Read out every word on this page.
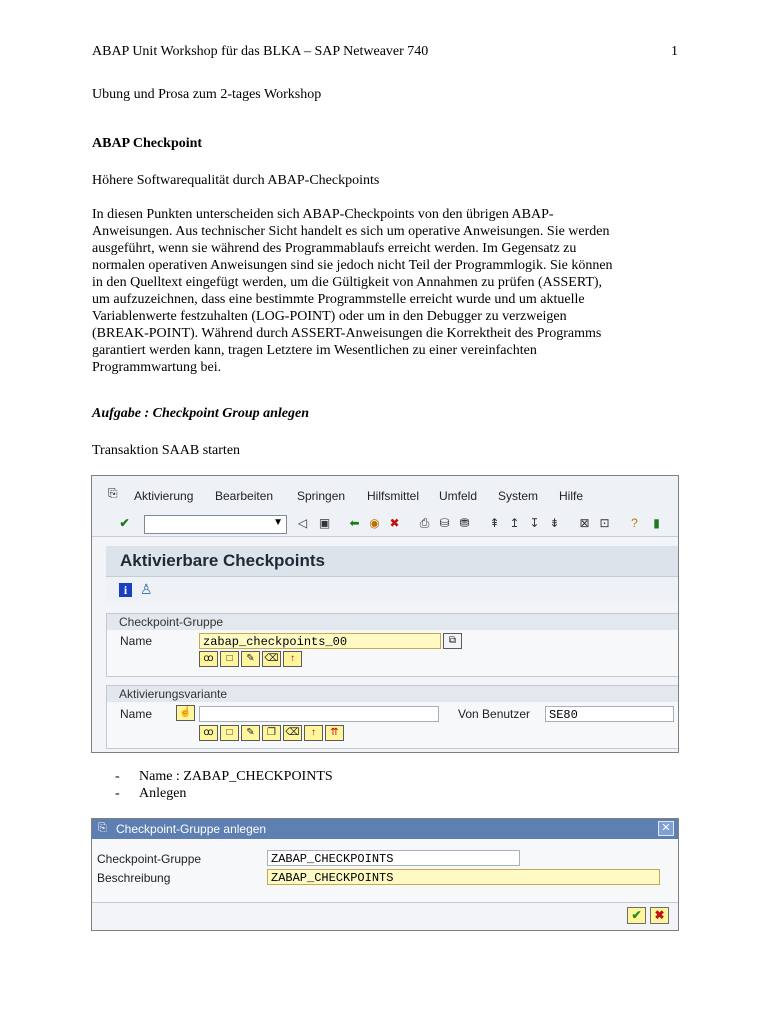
ABAP Unit Workshop für das BLKA – SAP Netweaver 740	1
Ubung und Prosa zum 2-tages Workshop
ABAP Checkpoint
Höhere Softwarequalität durch ABAP-Checkpoints
In diesen Punkten unterscheiden sich ABAP-Checkpoints von den übrigen ABAP-
Anweisungen. Aus technischer Sicht handelt es sich um operative Anweisungen. Sie werden
ausgeführt, wenn sie während des Programmablaufs erreicht werden. Im Gegensatz zu
normalen operativen Anweisungen sind sie jedoch nicht Teil der Programmlogik. Sie können
in den Quelltext eingefügt werden, um die Gültigkeit von Annahmen zu prüfen (ASSERT),
um aufzuzeichnen, dass eine bestimmte Programmstelle erreicht wurde und um aktuelle
Variablenwerte festzuhalten (LOG-POINT) oder um in den Debugger zu verzweigen
(BREAK-POINT). Während durch ASSERT-Anweisungen die Korrektheit des Programms
garantiert werden kann, tragen Letztere im Wesentlichen zu einer vereinfachten
Programmwartung bei.
Aufgabe : Checkpoint Group anlegen
Transaktion SAAB starten
⎘ Aktivierung Bearbeiten Springen Hilfsmittel Umfeld System Hilfe
✔	▼ ◁ ▣ ⬅ ◉ ✖ ⎙ ⛁ ⛃ ⇞ ↥ ↧ ⇟ ⊠ ⊡	?	▮
Aktivierbare Checkpoints
i ♙
Checkpoint-Gruppe
Name	zabap_checkpoints_00	⧉
ꝏ	□	✎ ⌫	↑
Aktivierungsvariante
Name	☝	Von Benutzer	SE80
ꝏ	□	✎	❐ ⌫	↑	⇈
-	Name : ZABAP_CHECKPOINTS
-	Anlegen
⎘ Checkpoint-Gruppe anlegen	✕
Checkpoint-Gruppe	ZABAP_CHECKPOINTS
Beschreibung	ZABAP_CHECKPOINTS
✔	✖
